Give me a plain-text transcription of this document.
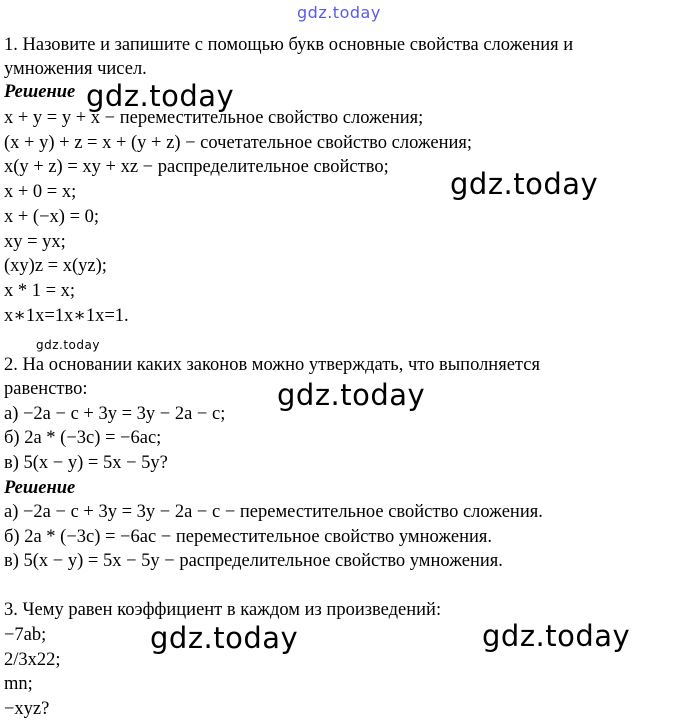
gdz.today
gdz.today
gdz.today
gdz.today
gdz.today
gdz.today	gdz.today
1. Назовите и запишите с помощью букв основные свойства сложения и
умножения чисел.
Решение
x + y = y + x − переместительное свойство сложения;
(x + y) + z = x + (y + z) − сочетательное свойство сложения;
x(y + z) = xy + xz − распределительное свойство;
x + 0 = x;
x + (−x) = 0;
xy = yx;
(xy)z = x(yz);
x * 1 = x;
x∗1x=1x∗1x=1.
2. На основании каких законов можно утверждать, что выполняется
равенство:
а) −2a − c + 3y = 3y − 2a − c;
б) 2a * (−3c) = −6ac;
в) 5(x − y) = 5x − 5y?
Решение
а) −2a − c + 3y = 3y − 2a − c − переместительное свойство сложения.
б) 2a * (−3c) = −6ac − переместительное свойство умножения.
в) 5(x − y) = 5x − 5y − распределительное свойство умножения.
3. Чему равен коэффициент в каждом из произведений:
−7ab;
2/3x22;
mn;
−xyz?
